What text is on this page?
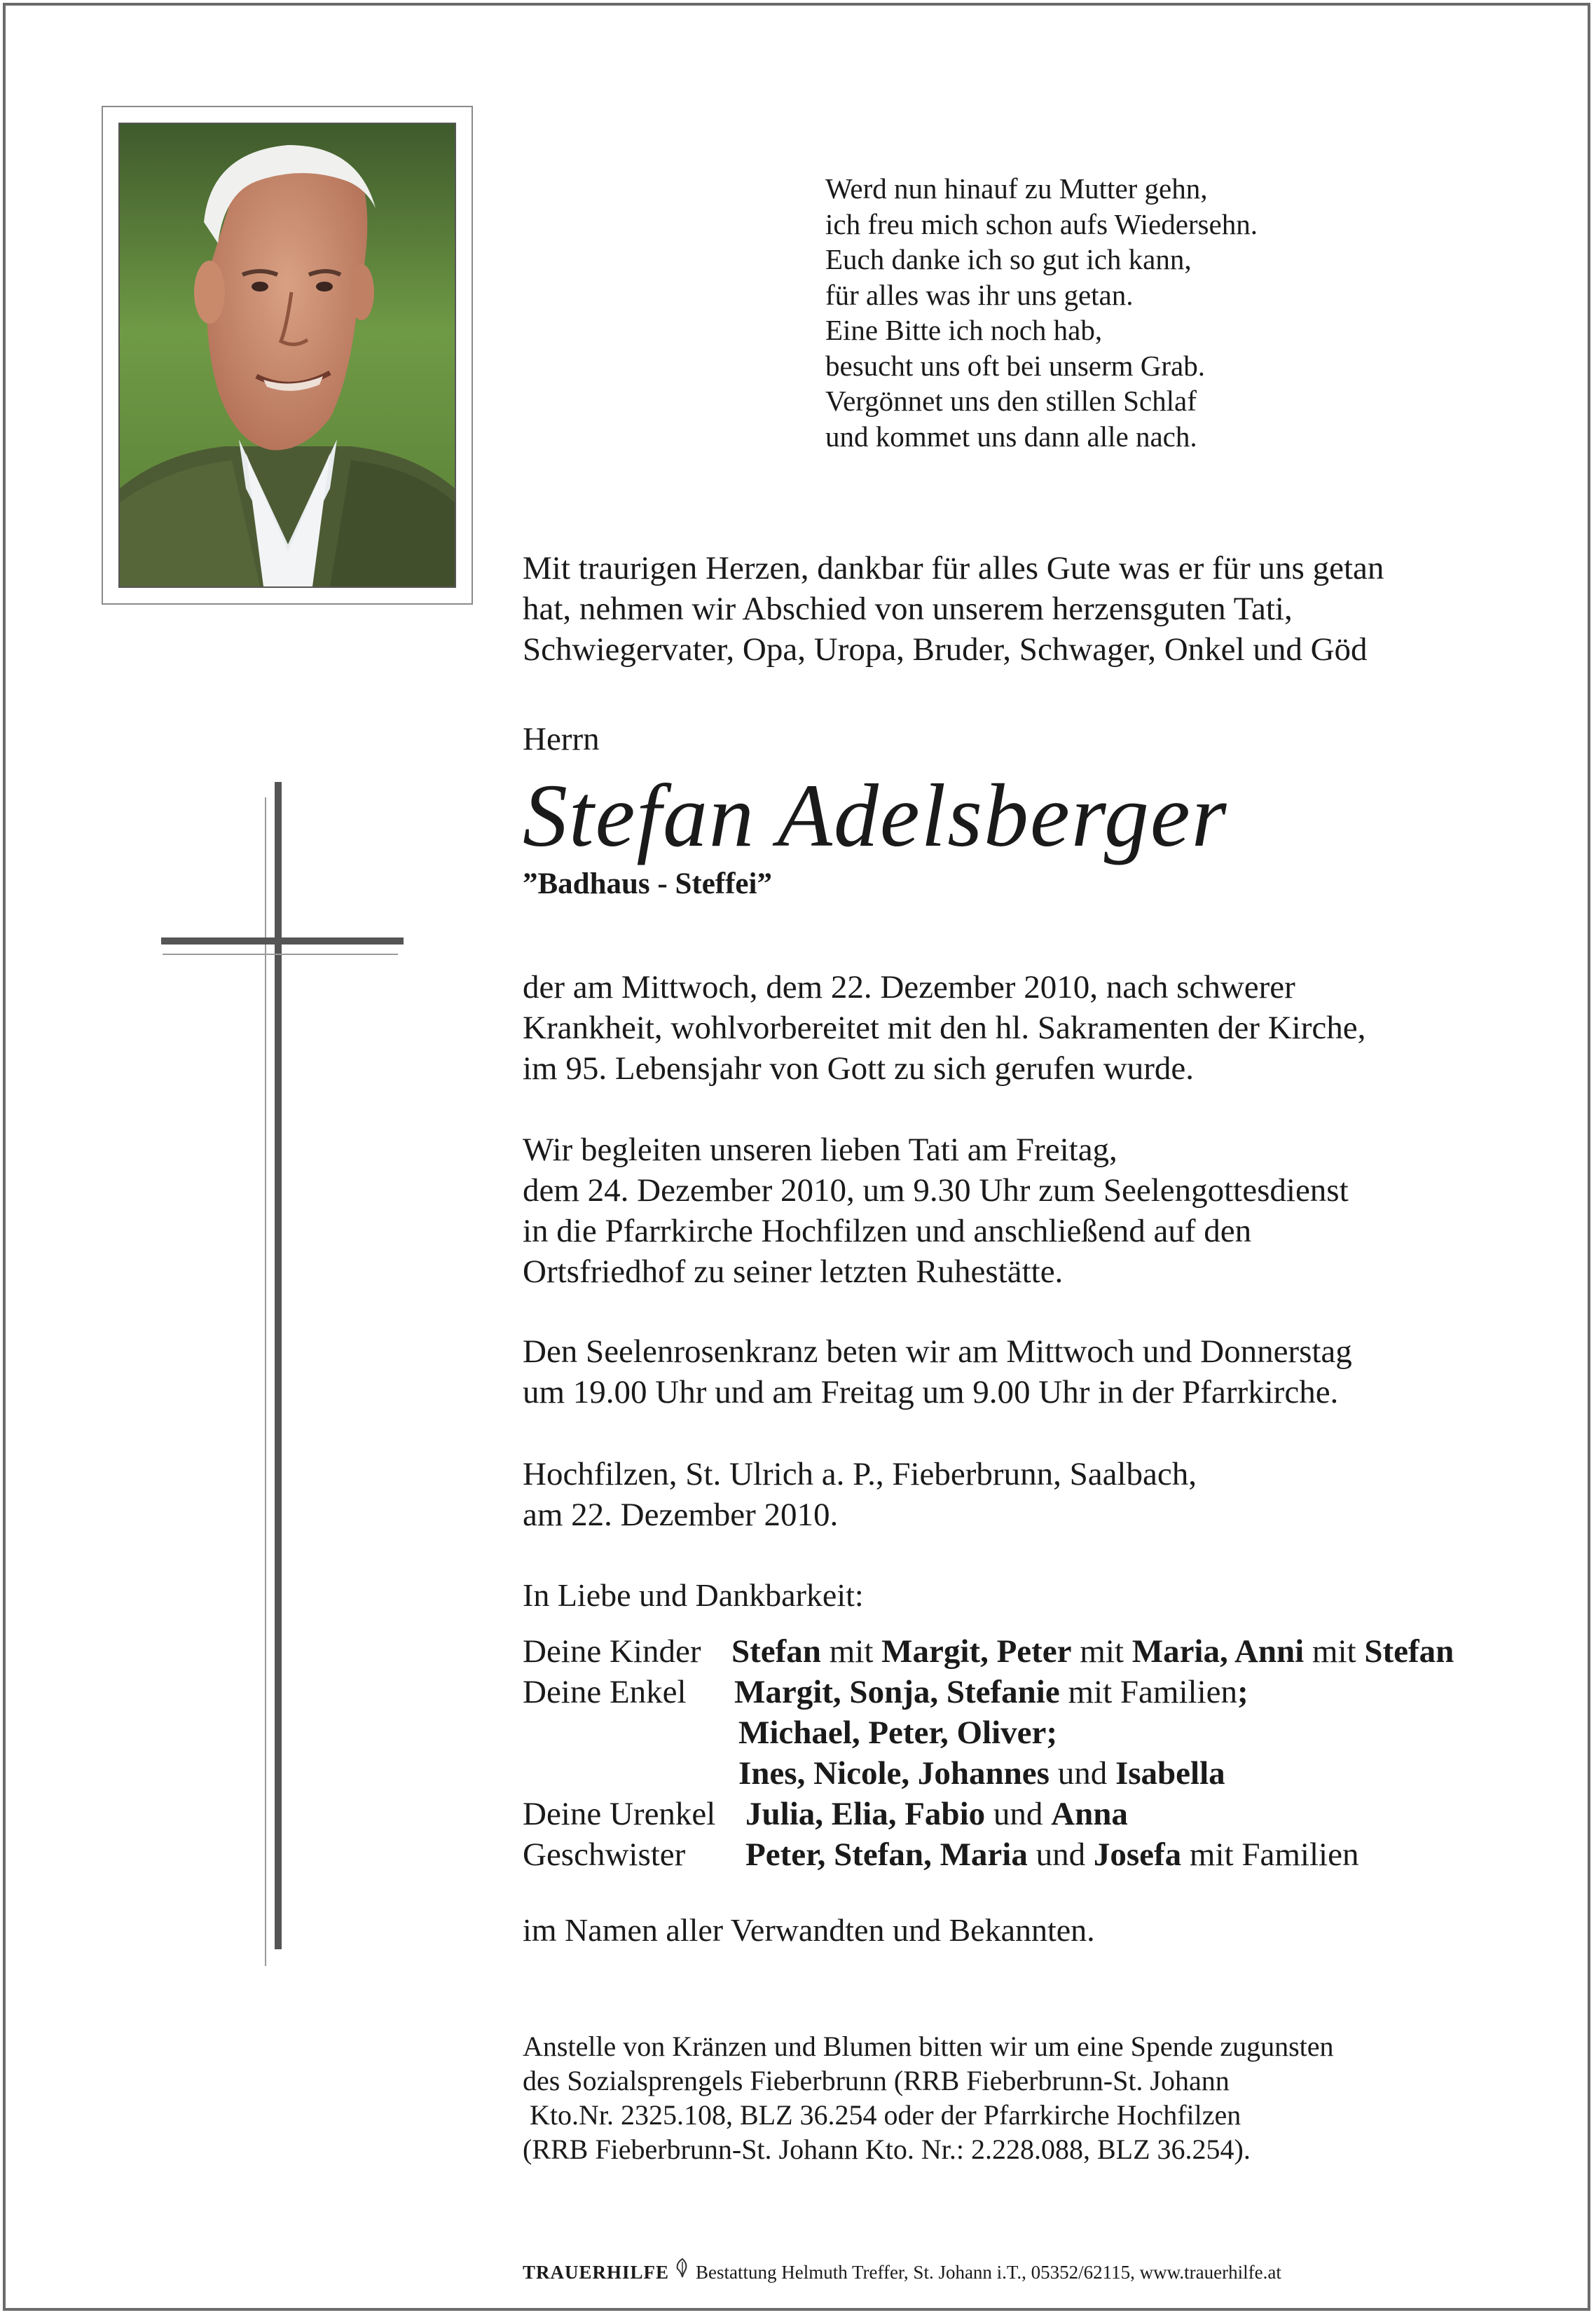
Werd nun hinauf zu Mutter gehn,
ich freu mich schon aufs Wiedersehn.
Euch danke ich so gut ich kann,
für alles was ihr uns getan.
Eine Bitte ich noch hab,
besucht uns oft bei unserm Grab.
Vergönnet uns den stillen Schlaf
und kommet uns dann alle nach.
Mit traurigen Herzen, dankbar für alles Gute was er für uns getan
hat, nehmen wir Abschied von unserem herzensguten Tati,
Schwiegervater, Opa, Uropa, Bruder, Schwager, Onkel und Göd
Herrn
Stefan Adelsberger
”Badhaus - Steffei”
der am Mittwoch, dem 22. Dezember 2010, nach schwerer
Krankheit, wohlvorbereitet mit den hl. Sakramenten der Kirche,
im 95. Lebensjahr von Gott zu sich gerufen wurde.
Wir begleiten unseren lieben Tati am Freitag,
dem 24. Dezember 2010, um 9.30 Uhr zum Seelengottesdienst
in die Pfarrkirche Hochfilzen und anschließend auf den
Ortsfriedhof zu seiner letzten Ruhestätte.
Den Seelenrosenkranz beten wir am Mittwoch und Donnerstag
um 19.00 Uhr und am Freitag um 9.00 Uhr in der Pfarrkirche.
Hochfilzen, St. Ulrich a. P., Fieberbrunn, Saalbach,
am 22. Dezember 2010.
In Liebe und Dankbarkeit:
Deine Kinder Stefan mit Margit, Peter mit Maria, Anni mit Stefan
Deine Enkel Margit, Sonja, Stefanie mit Familien;
Michael, Peter, Oliver;
Ines, Nicole, Johannes und Isabella
Deine Urenkel Julia, Elia, Fabio und Anna
Geschwister Peter, Stefan, Maria und Josefa mit Familien
im Namen aller Verwandten und Bekannten.
Anstelle von Kränzen und Blumen bitten wir um eine Spende zugunsten
des Sozialsprengels Fieberbrunn (RRB Fieberbrunn-St. Johann
Kto.Nr. 2325.108, BLZ 36.254 oder der Pfarrkirche Hochfilzen
(RRB Fieberbrunn-St. Johann Kto. Nr.: 2.228.088, BLZ 36.254).
TRAUERHILFE Bestattung Helmuth Treffer, St. Johann i.T., 05352/62115, www.trauerhilfe.at
